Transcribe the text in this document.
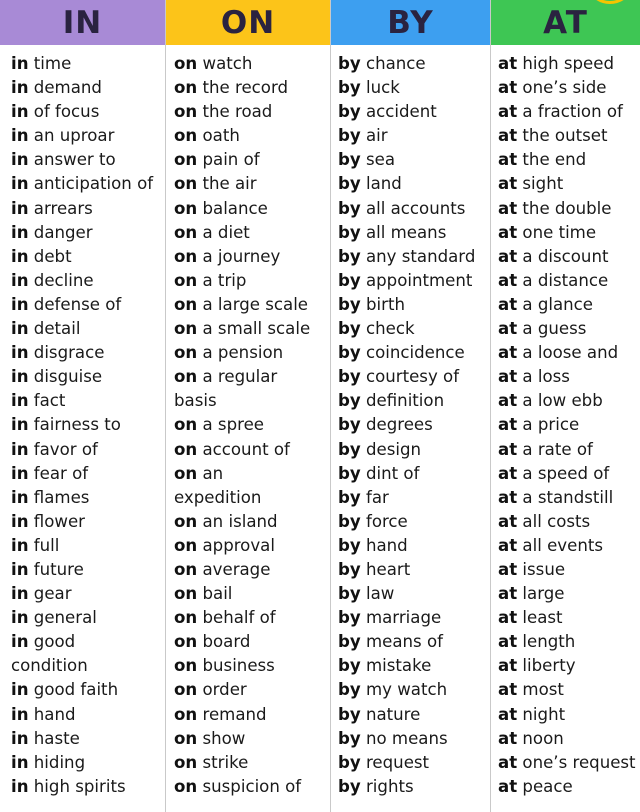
IN
in time
in demand
in of focus
in an uproar
in answer to
in anticipation of
in arrears
in danger
in debt
in decline
in defense of
in detail
in disgrace
in disguise
in fact
in fairness to
in favor of
in fear of
in flames
in flower
in full
in future
in gear
in general
in good
condition
in good faith
in hand
in haste
in hiding
in high spirits
ON
on watch
on the record
on the road
on oath
on pain of
on the air
on balance
on a diet
on a journey
on a trip
on a large scale
on a small scale
on a pension
on a regular
basis
on a spree
on account of
on an
expedition
on an island
on approval
on average
on bail
on behalf of
on board
on business
on order
on remand
on show
on strike
on suspicion of
BY
by chance
by luck
by accident
by air
by sea
by land
by all accounts
by all means
by any standard
by appointment
by birth
by check
by coincidence
by courtesy of
by definition
by degrees
by design
by dint of
by far
by force
by hand
by heart
by law
by marriage
by means of
by mistake
by my watch
by nature
by no means
by request
by rights
AT
at high speed
at one’s side
at a fraction of
at the outset
at the end
at sight
at the double
at one time
at a discount
at a distance
at a glance
at a guess
at a loose and
at a loss
at a low ebb
at a price
at a rate of
at a speed of
at a standstill
at all costs
at all events
at issue
at large
at least
at length
at liberty
at most
at night
at noon
at one’s request
at peace
